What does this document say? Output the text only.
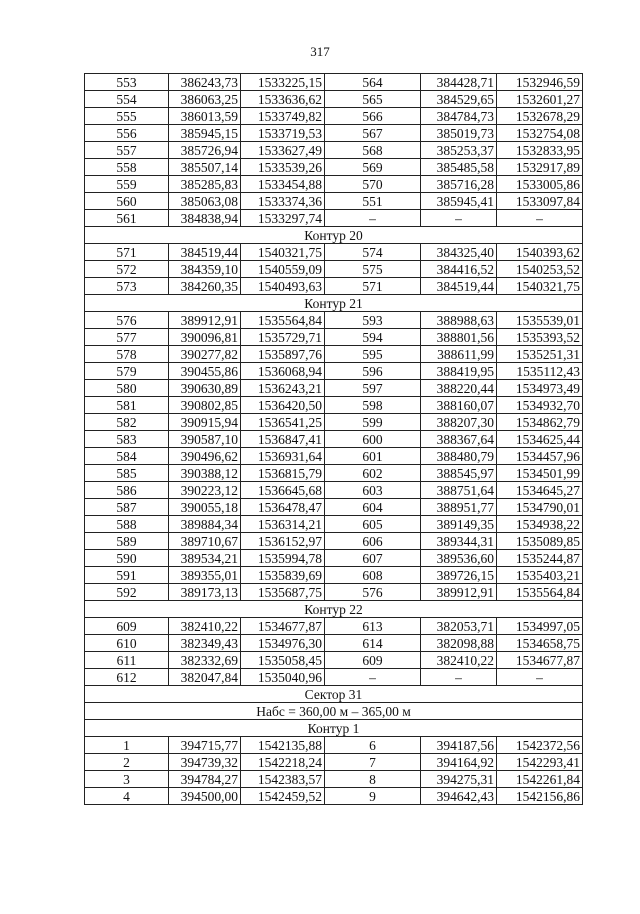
317
553	386243,73	1533225,15	564	384428,71	1532946,59
554	386063,25	1533636,62	565	384529,65	1532601,27
555	386013,59	1533749,82	566	384784,73	1532678,29
556	385945,15	1533719,53	567	385019,73	1532754,08
557	385726,94	1533627,49	568	385253,37	1532833,95
558	385507,14	1533539,26	569	385485,58	1532917,89
559	385285,83	1533454,88	570	385716,28	1533005,86
560	385063,08	1533374,36	551	385945,41	1533097,84
561	384838,94	1533297,74	–	–	–
Контур 20					
571	384519,44	1540321,75	574	384325,40	1540393,62
572	384359,10	1540559,09	575	384416,52	1540253,52
573	384260,35	1540493,63	571	384519,44	1540321,75
Контур 21					
576	389912,91	1535564,84	593	388988,63	1535539,01
577	390096,81	1535729,71	594	388801,56	1535393,52
578	390277,82	1535897,76	595	388611,99	1535251,31
579	390455,86	1536068,94	596	388419,95	1535112,43
580	390630,89	1536243,21	597	388220,44	1534973,49
581	390802,85	1536420,50	598	388160,07	1534932,70
582	390915,94	1536541,25	599	388207,30	1534862,79
583	390587,10	1536847,41	600	388367,64	1534625,44
584	390496,62	1536931,64	601	388480,79	1534457,96
585	390388,12	1536815,79	602	388545,97	1534501,99
586	390223,12	1536645,68	603	388751,64	1534645,27
587	390055,18	1536478,47	604	388951,77	1534790,01
588	389884,34	1536314,21	605	389149,35	1534938,22
589	389710,67	1536152,97	606	389344,31	1535089,85
590	389534,21	1535994,78	607	389536,60	1535244,87
591	389355,01	1535839,69	608	389726,15	1535403,21
592	389173,13	1535687,75	576	389912,91	1535564,84
Контур 22					
609	382410,22	1534677,87	613	382053,71	1534997,05
610	382349,43	1534976,30	614	382098,88	1534658,75
611	382332,69	1535058,45	609	382410,22	1534677,87
612	382047,84	1535040,96	–	–	–
Сектор 31					
Набс = 360,00 м – 365,00 м					
Контур 1					
1	394715,77	1542135,88	6	394187,56	1542372,56
2	394739,32	1542218,24	7	394164,92	1542293,41
3	394784,27	1542383,57	8	394275,31	1542261,84
4	394500,00	1542459,52	9	394642,43	1542156,86
